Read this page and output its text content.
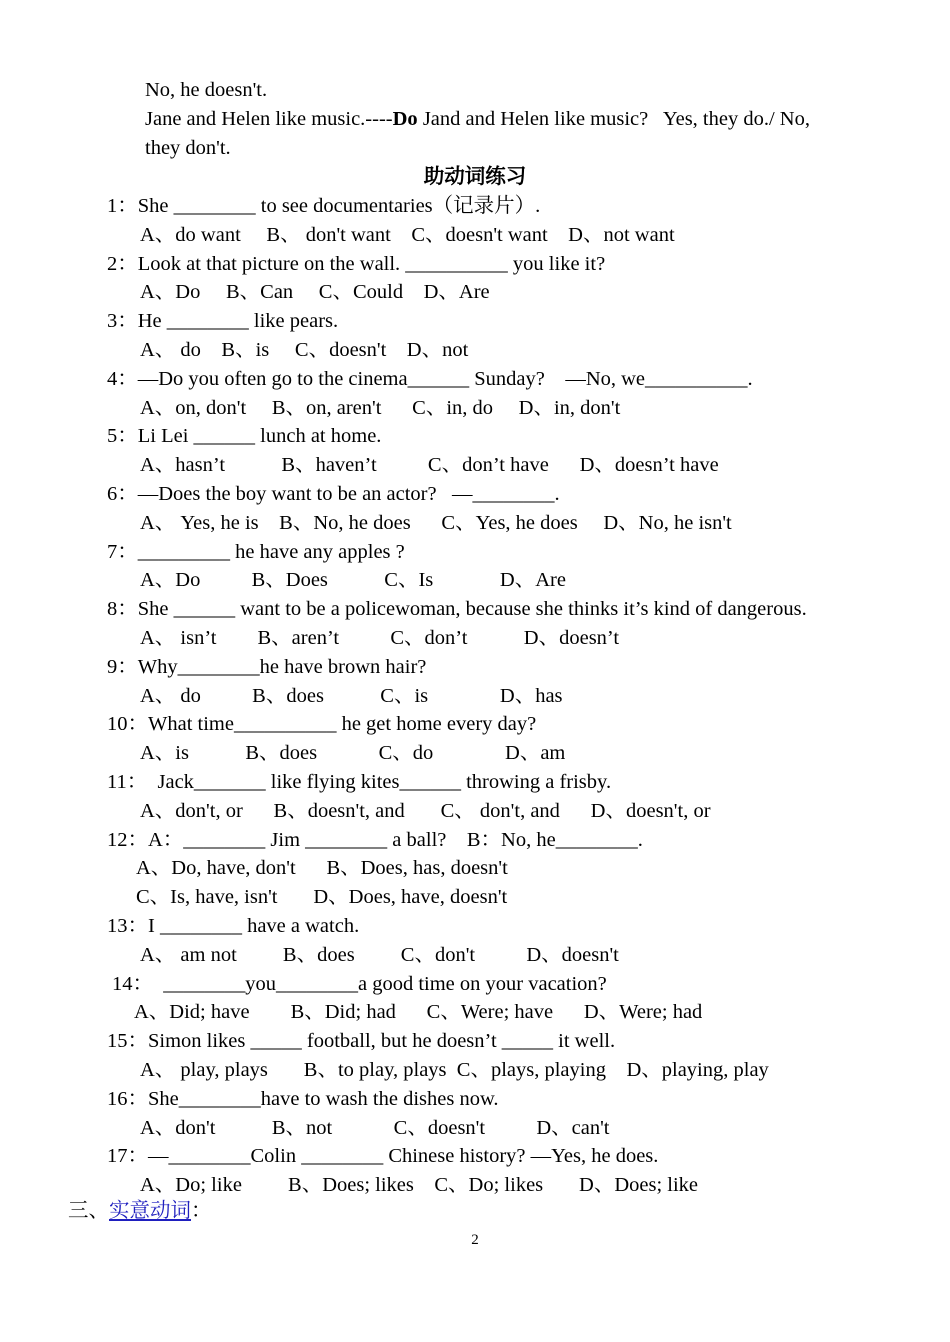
No, he doesn't.
Jane and Helen like music.----Do Jand and Helen like music?   Yes, they do./ No,
they don't.
助动词练习
1：She ________ to see documentaries（记录片）.
A、do want     B、 don't want    C、doesn't want    D、not want
2：Look at that picture on the wall. __________ you like it?
A、Do     B、Can     C、Could    D、Are
3：He ________ like pears.
A、 do    B、is     C、doesn't    D、not
4：—Do you often go to the cinema______ Sunday?    —No, we__________.
A、on, don't     B、on, aren't      C、in, do     D、in, don't
5：Li Lei ______ lunch at home.
A、hasn’t           B、haven’t          C、don’t have      D、doesn’t have
6：—Does the boy want to be an actor?   —________.
A、 Yes, he is    B、No, he does      C、Yes, he does     D、No, he isn't
7：_________ he have any apples ?
A、Do          B、Does           C、Is             D、Are
8：She ______ want to be a policewoman, because she thinks it’s kind of dangerous.
A、 isn’t        B、aren’t          C、don’t           D、doesn’t
9：Why________he have brown hair?
A、 do          B、does           C、is              D、has
10：What time__________ he get home every day?
A、is           B、does            C、do              D、am
11：  Jack_______ like flying kites______ throwing a frisby.
A、don't, or      B、doesn't, and       C、 don't, and      D、doesn't, or
12：A：________ Jim ________ a ball?    B：No, he________.
A、Do, have, don't      B、Does, has, doesn't
C、Is, have, isn't       D、Does, have, doesn't
13：I ________ have a watch.
A、 am not         B、does         C、don't          D、doesn't
14：  ________you________a good time on your vacation?
A、Did; have        B、Did; had      C、Were; have      D、Were; had
15：Simon likes _____ football, but he doesn’t _____ it well.
A、 play, plays       B、to play, plays  C、plays, playing    D、playing, play
16：She________have to wash the dishes now.
A、don't           B、not            C、doesn't          D、can't
17：—________Colin ________ Chinese history? —Yes, he does.
A、Do; like         B、Does; likes    C、Do; likes       D、Does; like
三、实意动词：
2
